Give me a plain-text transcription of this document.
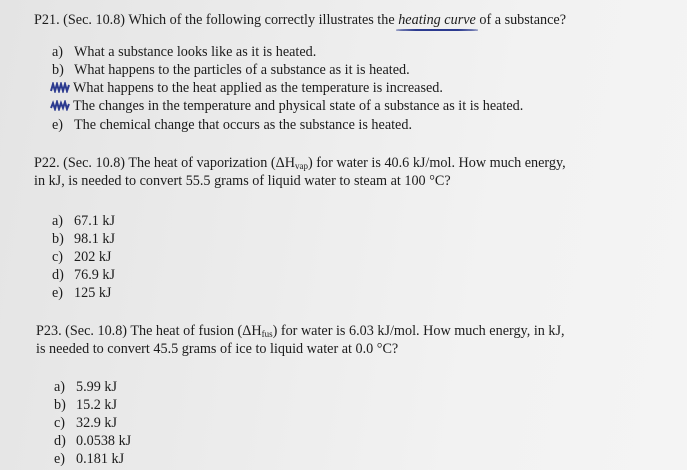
P21. (Sec. 10.8) Which of the following correctly illustrates the heating curve of a substance?
a) What a substance looks like as it is heated.
b) What happens to the particles of a substance as it is heated.
What happens to the heat applied as the temperature is increased.
The changes in the temperature and physical state of a substance as it is heated.
e) The chemical change that occurs as the substance is heated.
P22. (Sec. 10.8) The heat of vaporization $(\Delta H_{vap})$ for water is 40.6 kJ/mol. How much energy,
in kJ, is needed to convert 55.5 grams of liquid water to steam at 100 °C?
a) 67.1 kJ
b) 98.1 kJ
c) 202 kJ
d) 76.9 kJ
e) 125 kJ
P23. (Sec. 10.8) The heat of fusion $(\Delta H_{fus})$ for water is 6.03 kJ/mol. How much energy, in kJ,
is needed to convert 45.5 grams of ice to liquid water at 0.0 °C?
a) 5.99 kJ
b) 15.2 kJ
c) 32.9 kJ
d) 0.0538 kJ
e) 0.181 kJ
